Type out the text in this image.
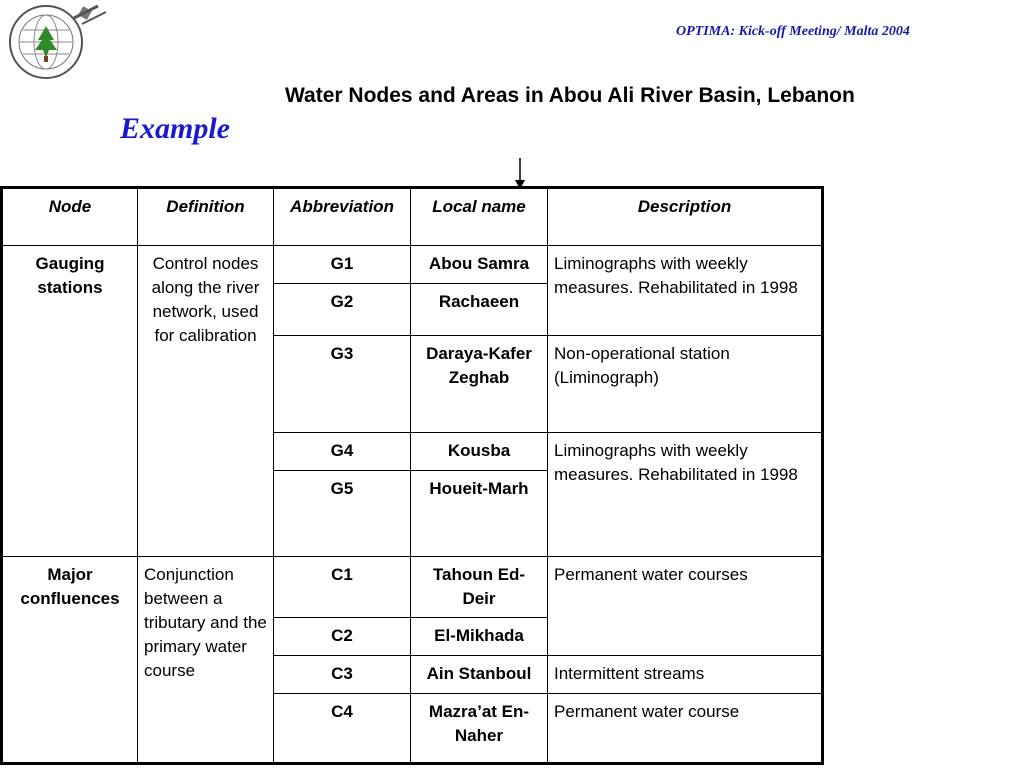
OPTIMA: Kick-off Meeting/ Malta 2004
Water Nodes and Areas in Abou Ali River Basin, Lebanon
Example
Node	Definition	Abbreviation	Local name	Description
Gauging stations	Control nodes along the river network, used for calibration	G1	Abou Samra	Liminographs with weekly measures. Rehabilitated in 1998
		G2	Rachaeen	
		G3	Daraya-Kafer Zeghab	Non-operational station (Liminograph)
		G4	Kousba	Liminographs with weekly measures. Rehabilitated in 1998
		G5	Houeit-Marh	
Major confluences	Conjunction between a tributary and the primary water course	C1	Tahoun Ed-Deir	Permanent water courses
		C2	El-Mikhada	
		C3	Ain Stanboul	Intermittent streams
		C4	Mazra’at En-Naher	Permanent water course
